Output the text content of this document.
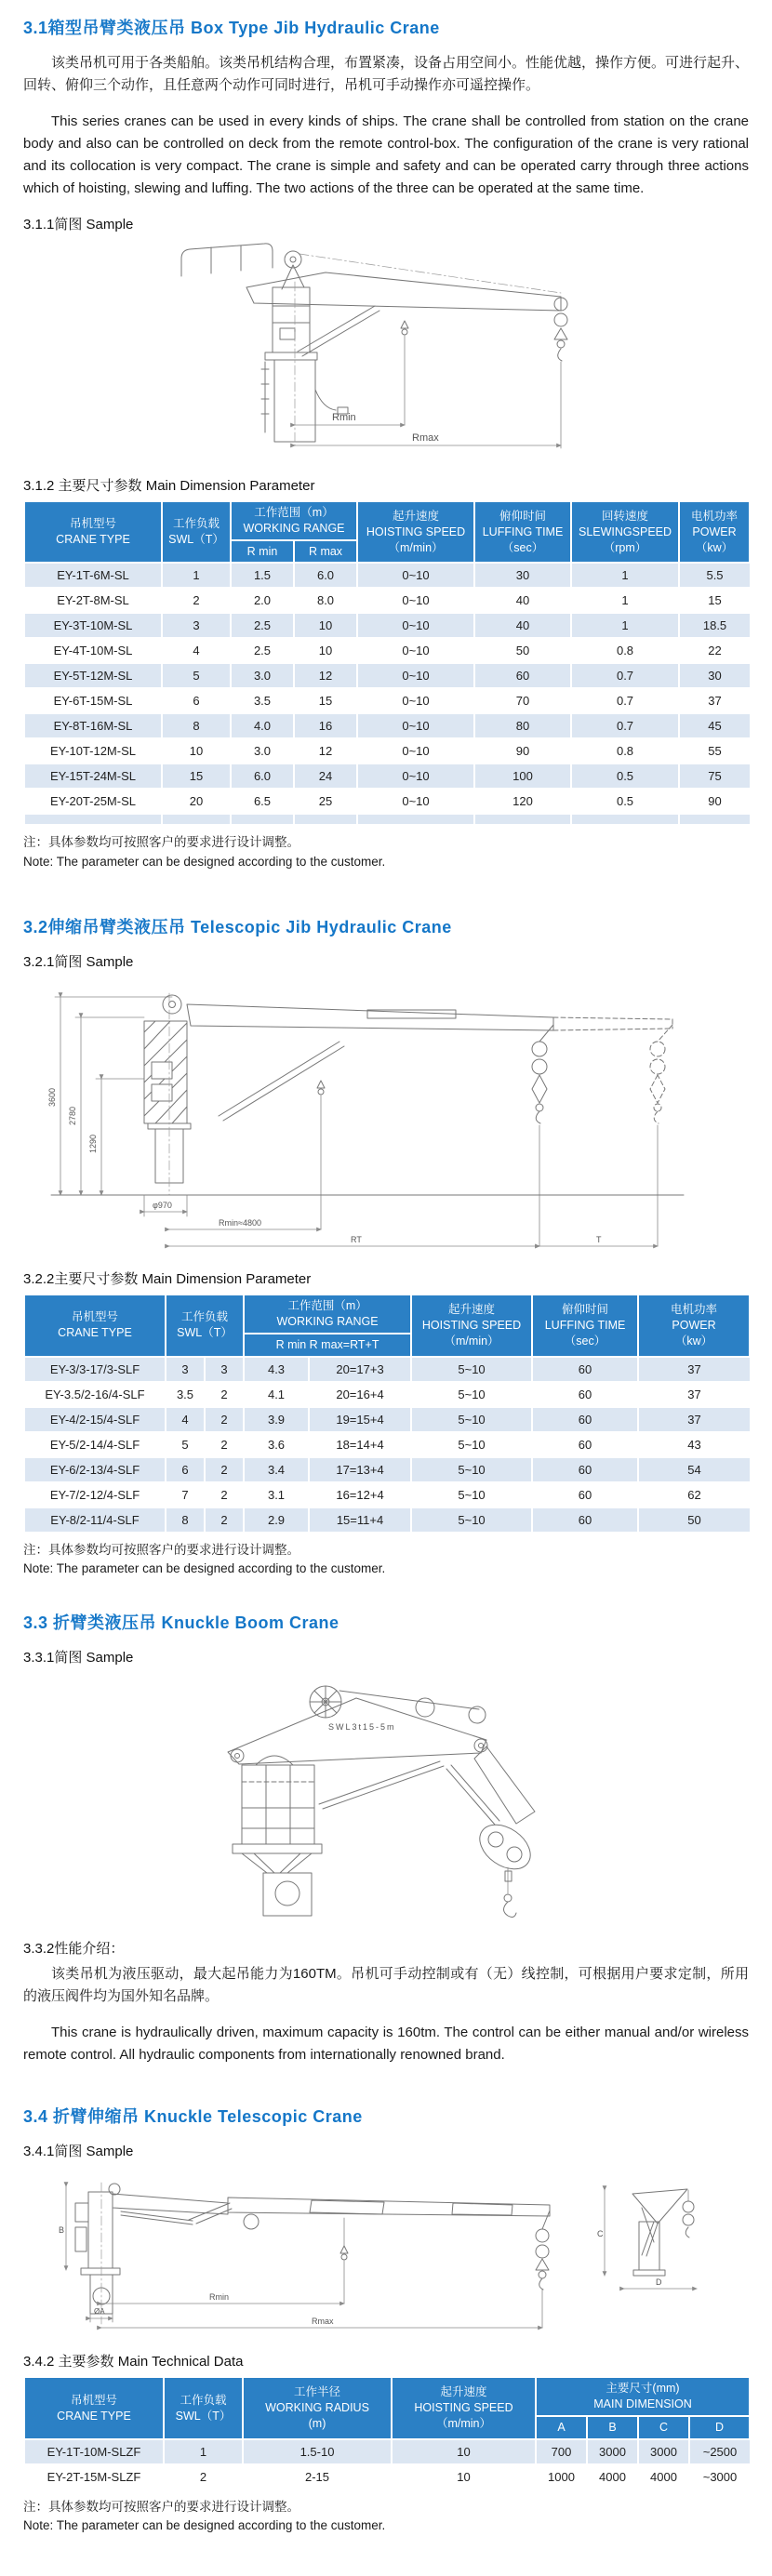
3.1箱型吊臂类液压吊 Box Type Jib Hydraulic Crane

该类吊机可用于各类船舶。该类吊机结构合理，布置紧凑，设备占用空间小。性能优越，操作方便。可进行起升、回转、俯仰三个动作，且任意两个动作可同时进行，吊机可手动操作亦可遥控操作。

This series cranes can be used in every kinds of ships. The crane shall be controlled from station on the crane body and also can be controlled on deck from the remote control-box. The configuration of the crane is very rational and its collocation is very compact. The crane is simple and safety and can be operated carry through three actions which of hoisting, slewing and luffing. The two actions of the three can be operated at the same time.

3.1.1简图 Sample
Rmin
Rmax
3.1.2 主要尺寸参数 Main Dimension Parameter
吊机型号
CRANE TYPE

工作负载
SWL（T）

工作范围（m）
WORKING RANGE

起升速度
HOISTING SPEED
（m/min）

俯仰时间
LUFFING TIME
（sec）

回转速度
SLEWINGSPEED
（rpm）

电机功率
POWER
（kw）

		R min	R max				

EY-1T-6M-SL	1	1.5	6.0	0~10	30	1	5.5
EY-2T-8M-SL	2	2.0	8.0	0~10	40	1	15
EY-3T-10M-SL	3	2.5	10	0~10	40	1	18.5
EY-4T-10M-SL	4	2.5	10	0~10	50	0.8	22
EY-5T-12M-SL	5	3.0	12	0~10	60	0.7	30
EY-6T-15M-SL	6	3.5	15	0~10	70	0.7	37
EY-8T-16M-SL	8	4.0	16	0~10	80	0.7	45
EY-10T-12M-SL	10	3.0	12	0~10	90	0.8	55
EY-15T-24M-SL	15	6.0	24	0~10	100	0.5	75
EY-20T-25M-SL	20	6.5	25	0~10	120	0.5	90

注：具体参数均可按照客户的要求进行设计调整。
Note: The parameter can be designed according to the customer.
3.2伸缩吊臂类液压吊 Telescopic Jib Hydraulic Crane
3.2.1简图 Sample
3600
2780
1290
φ970
Rmin≈4800
RT	T
3.2.2主要尺寸参数 Main Dimension Parameter
吊机型号
CRANE TYPE

工作负载
SWL（T）

工作范围（m）
WORKING RANGE

起升速度
HOISTING SPEED
（m/min）

俯仰时间
LUFFING TIME
（sec）

电机功率
POWER
（kw）

			R min R max=RT+T				

EY-3/3-17/3-SLF	3	3	4.3	20=17+3	5~10	60	37
EY-3.5/2-16/4-SLF	3.5	2	4.1	20=16+4	5~10	60	37
EY-4/2-15/4-SLF	4	2	3.9	19=15+4	5~10	60	37
EY-5/2-14/4-SLF	5	2	3.6	18=14+4	5~10	60	43
EY-6/2-13/4-SLF	6	2	3.4	17=13+4	5~10	60	54
EY-7/2-12/4-SLF	7	2	3.1	16=12+4	5~10	60	62
EY-8/2-11/4-SLF	8	2	2.9	15=11+4	5~10	60	50
注：具体参数均可按照客户的要求进行设计调整。
Note: The parameter can be designed according to the customer.
3.3 折臂类液压吊 Knuckle Boom Crane
3.3.1简图 Sample
SWL3t15-5m
3.3.2性能介绍：

该类吊机为液压驱动，最大起吊能力为160TM。吊机可手动控制或有（无）线控制，可根据用户要求定制，所用的液压阀件均为国外知名品牌。

This crane is hydraulically driven, maximum capacity is 160tm. The control can be either manual and/or wireless remote control. All hydraulic components from internationally renowned brand.

3.4 折臂伸缩吊 Knuckle Telescopic Crane
3.4.1简图 Sample
B
ØA
C
D
Rmin
Rmax
3.4.2 主要参数 Main Technical Data
吊机型号
CRANE TYPE

工作负载
SWL（T）

工作半径
WORKING RADIUS
(m)

起升速度
HOISTING SPEED
（m/min）

主要尺寸(mm)
MAIN DIMENSION

				A	B	C	D

EY-1T-10M-SLZF	1	1.5-10	10	700	3000	3000	~2500
EY-2T-15M-SLZF	2	2-15	10	1000	4000	4000	~3000
注：具体参数均可按照客户的要求进行设计调整。
Note: The parameter can be designed according to the customer.
